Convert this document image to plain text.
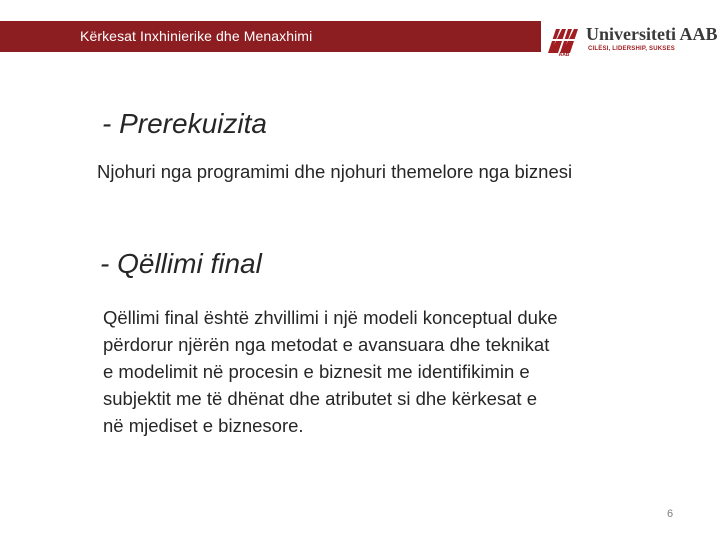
Kërkesat Inxhinierike dhe Menaxhimi
AAB
Universiteti AAB
CILËSI, LIDERSHIP, SUKSES
- Prerekuizita
Njohuri nga programimi dhe njohuri themelore nga biznesi
- Qëllimi final
Qëllimi final është zhvillimi i një modeli konceptual duke
përdorur njërën nga metodat e avansuara dhe teknikat
e modelimit në procesin e biznesit me identifikimin e
subjektit me të dhënat dhe atributet si dhe kërkesat e
në mjediset e biznesore.
6
